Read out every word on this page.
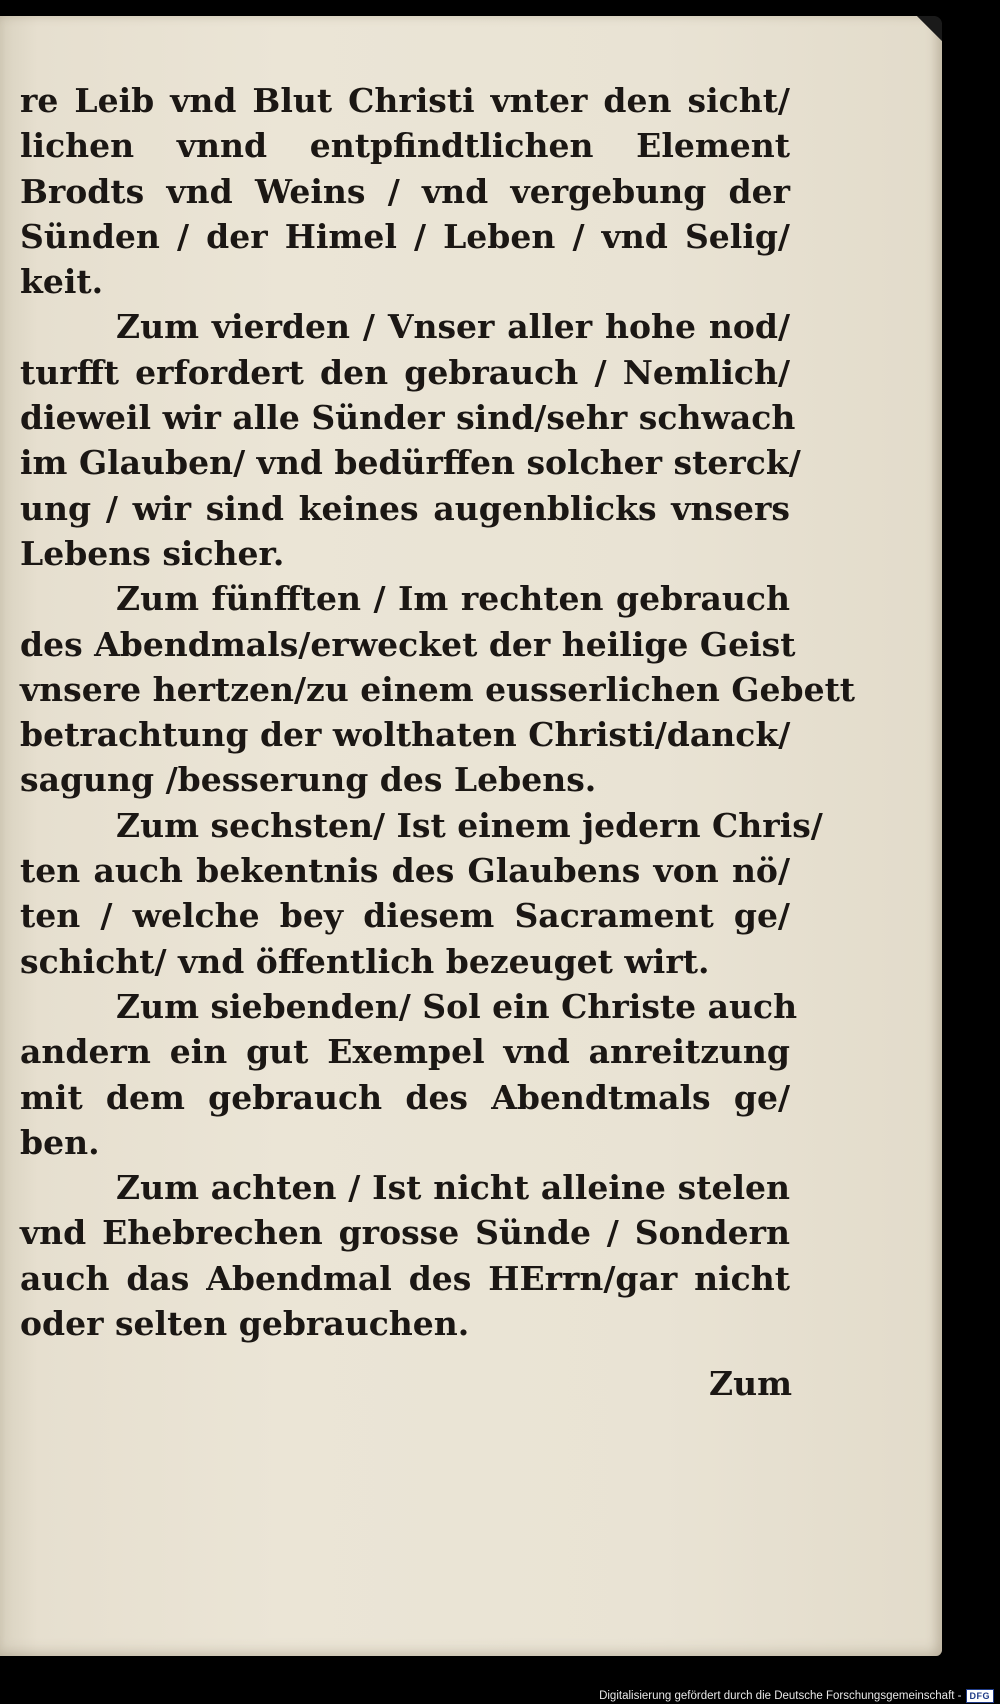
re Leib vnd Blut Christi vnter den sicht/
lichen vnnd entpfindtlichen Element
Brodts vnd Weins / vnd vergebung der
Sünden / der Himel / Leben / vnd Selig/
keit.
Zum vierden / Vnser aller hohe nod/
turfft erfordert den gebrauch / Nemlich/
dieweil wir alle Sünder sind/sehr schwach
im Glauben/ vnd bedürffen solcher sterck/
ung / wir sind keines augenblicks vnsers
Lebens sicher.
Zum fünfften / Im rechten gebrauch
des Abendmals/erwecket der heilige Geist
vnsere hertzen/zu einem eusserlichen Gebett
betrachtung der wolthaten Christi/danck/
sagung /besserung des Lebens.
Zum sechsten/ Ist einem jedern Chris/
ten auch bekentnis des Glaubens von nö/
ten / welche bey diesem Sacrament ge/
schicht/ vnd öffentlich bezeuget wirt.
Zum siebenden/ Sol ein Christe auch
andern ein gut Exempel vnd anreitzung
mit dem gebrauch des Abendtmals ge/
ben.
Zum achten / Ist nicht alleine stelen
vnd Ehebrechen grosse Sünde / Sondern
auch das Abendmal des HErrn/gar nicht
oder selten gebrauchen.
Zum
Digitalisierung gefördert durch die Deutsche Forschungsgemeinschaft - DFG
